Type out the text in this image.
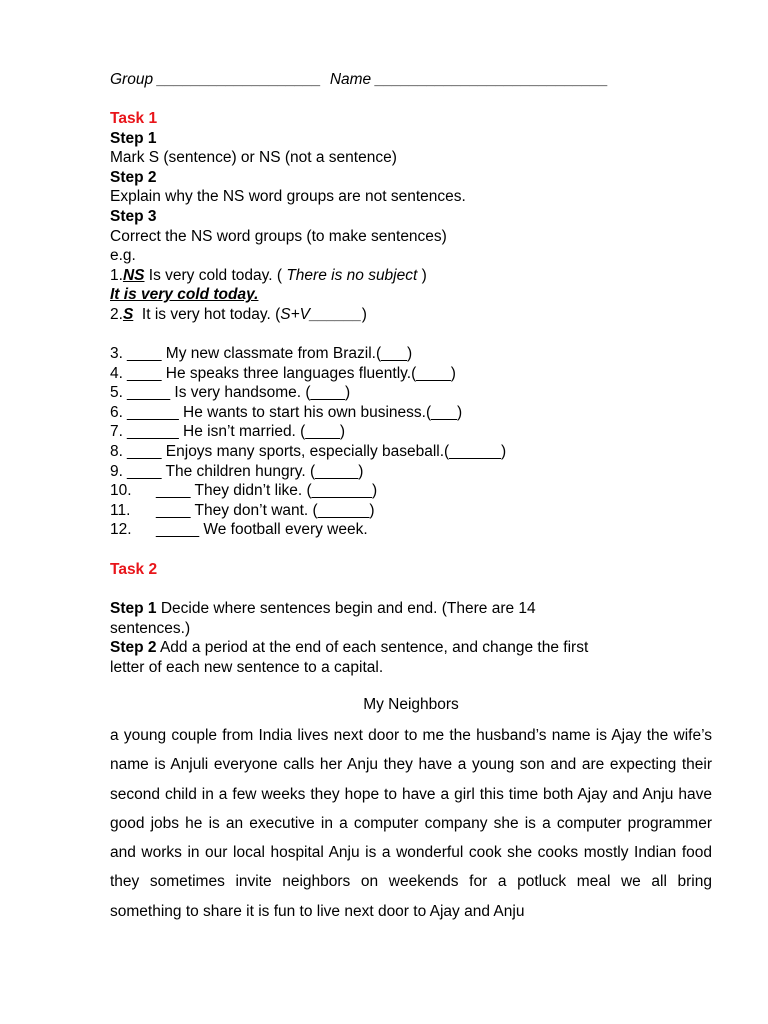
Group ___________________ Name ___________________________
Task 1
Step 1
Mark S (sentence) or NS (not a sentence)
Step 2
Explain why the NS word groups are not sentences.
Step 3
Correct the NS word groups (to make sentences)
e.g.
1.NS Is very cold today. ( There is no subject )
It is very cold today.
2.S  It is very hot today. (S+V______)
3. ____ My new classmate from Brazil.(___)
4. ____ He speaks three languages fluently.(____)
5. _____ Is very handsome. (____)
6. ______ He wants to start his own business.(___)
7. ______ He isn’t married. (____)
8. ____ Enjoys many sports, especially baseball.(______)
9. ____ The children hungry. (_____)
10. ____ They didn’t like. (_______)
11. ____ They don’t want. (______)
12. _____ We football every week.
Task 2
Step 1 Decide where sentences begin and end. (There are 14
sentences.)
Step 2 Add a period at the end of each sentence, and change the first
letter of each new sentence to a capital.
My Neighbors
a young couple from India lives next door to me the husband’s name is Ajay the wife’s name is Anjuli everyone calls her Anju they have a young son and are expecting their second child in a few weeks they hope to have a girl this time both Ajay and Anju have good jobs he is an executive in a computer company she is a computer programmer and works in our local hospital Anju is a wonderful cook she cooks mostly Indian food they sometimes invite neighbors on weekends for a potluck meal we all bring something to share it is fun to live next door to Ajay and Anju
